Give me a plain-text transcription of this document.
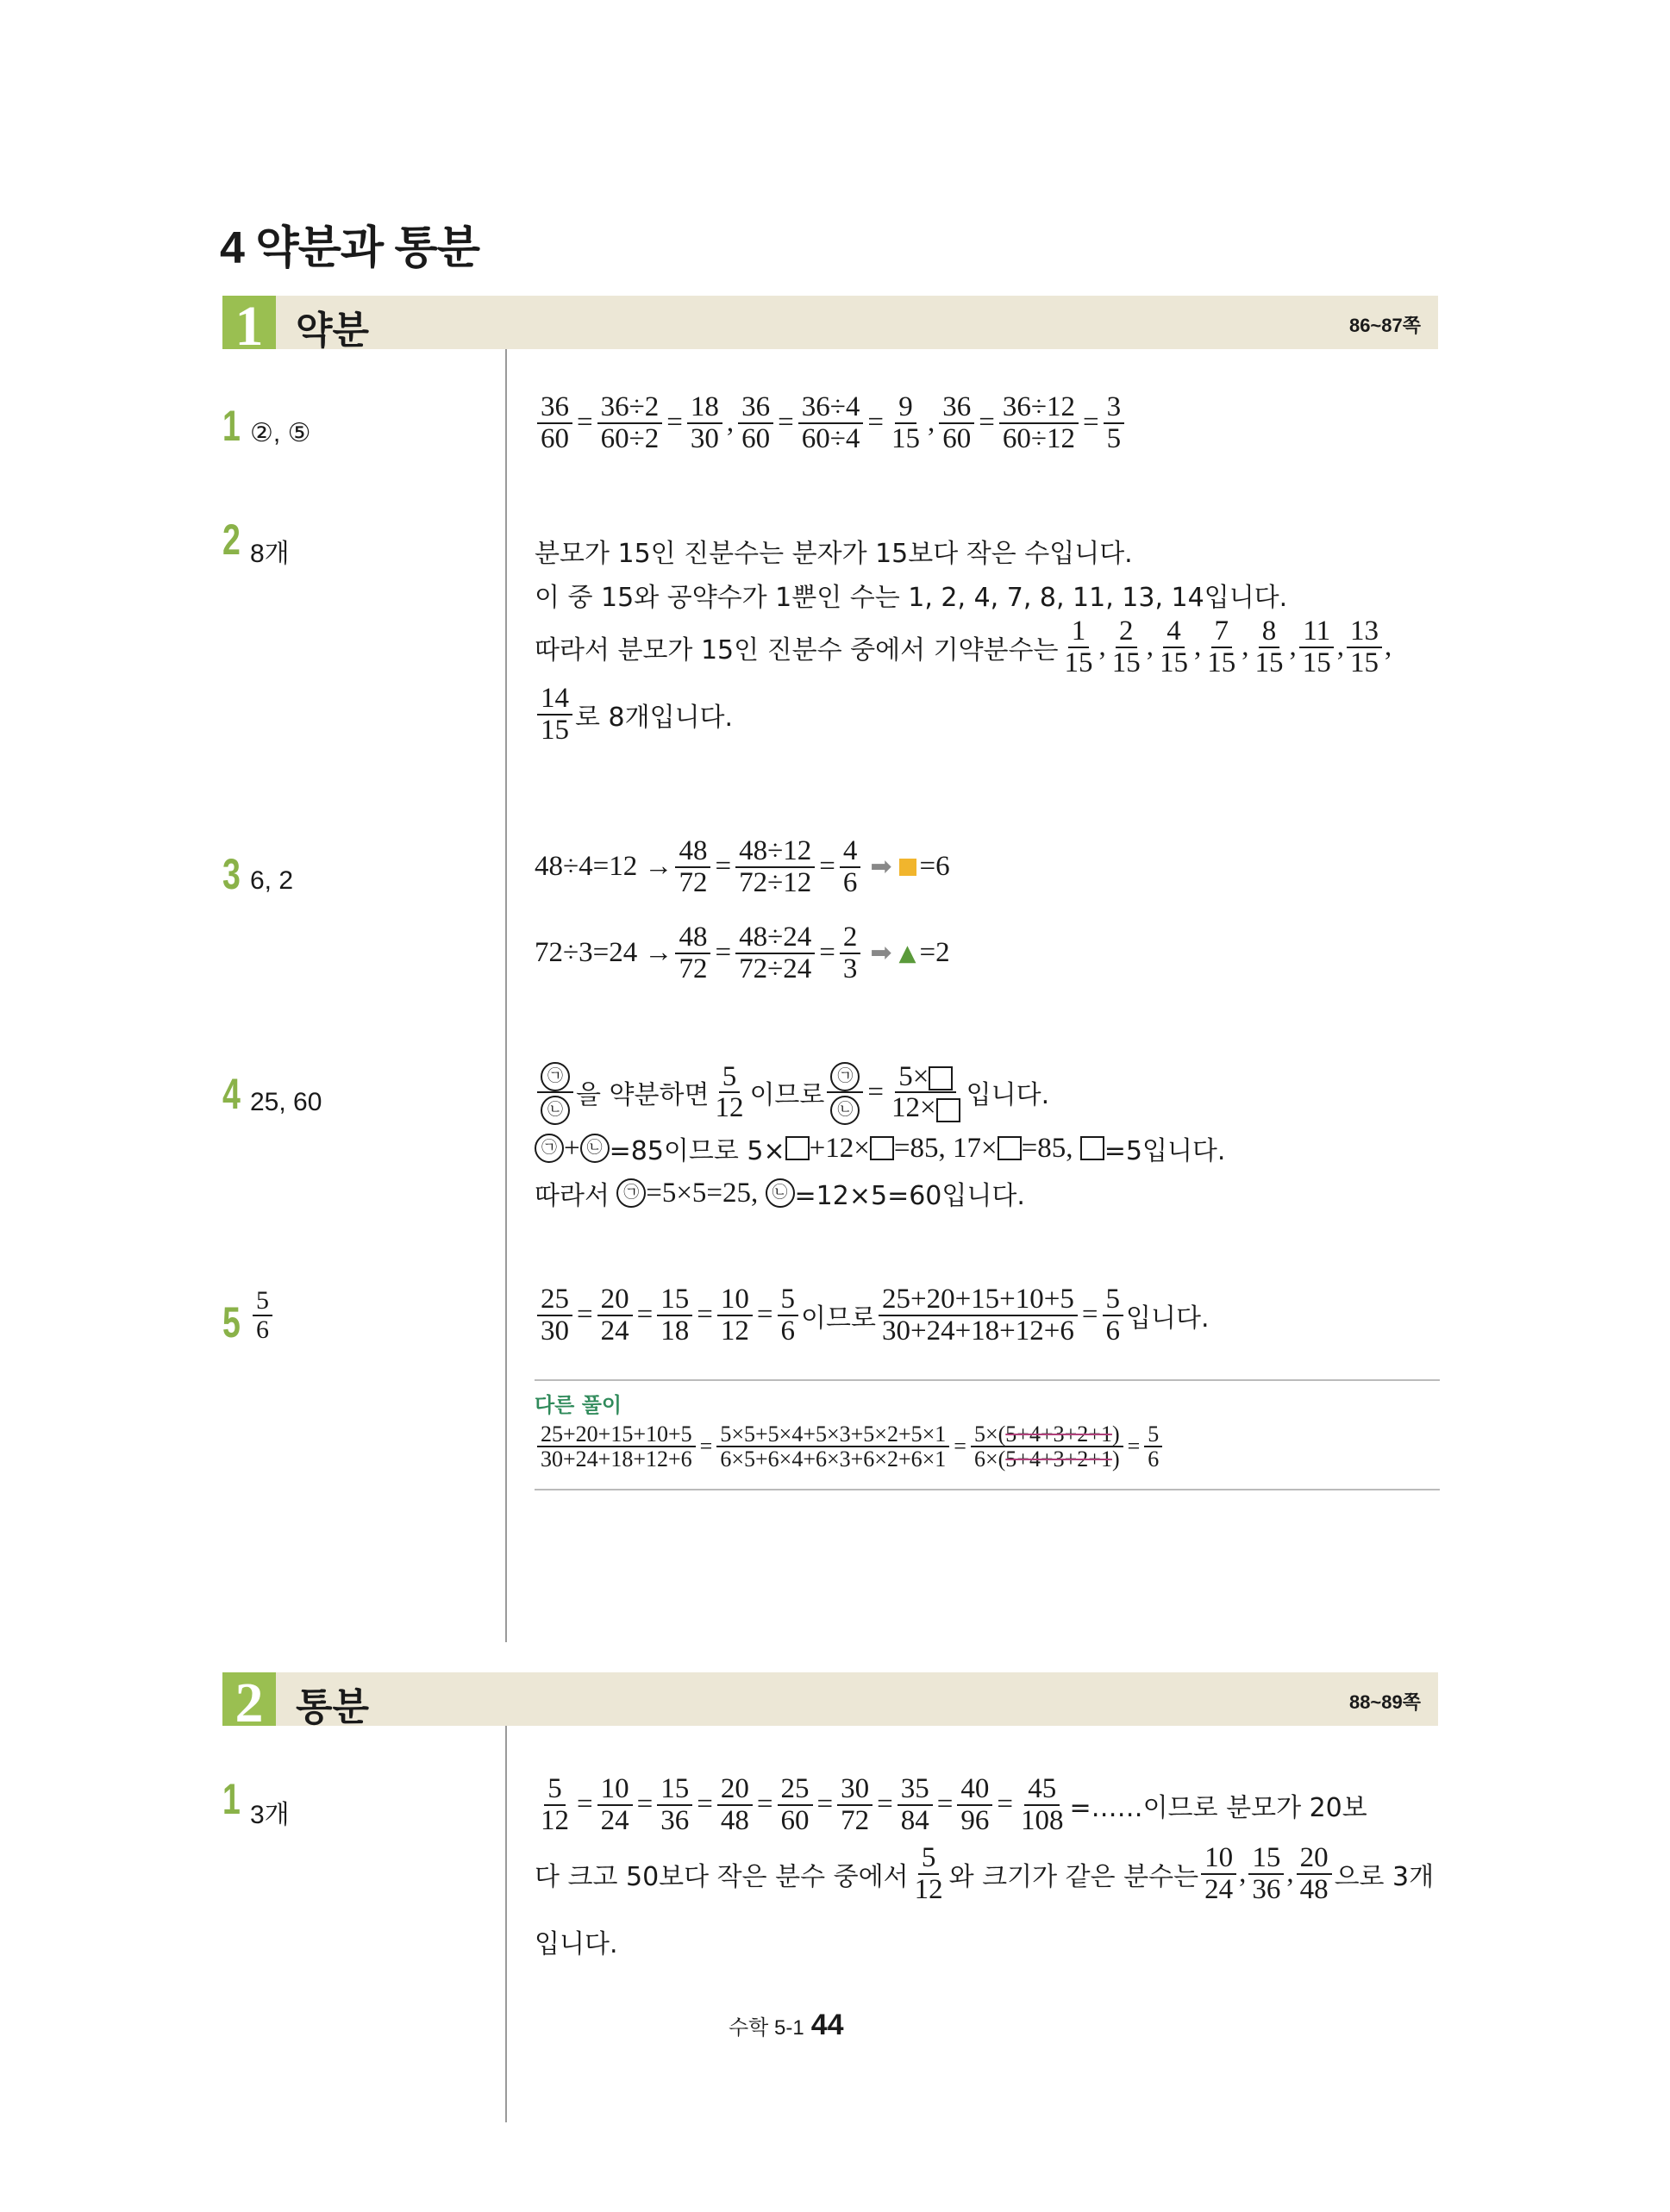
4 약분과 통분
1 약분	86~87쪽
1 ②, ⑤	$\frac{36}{60} = \frac{36\div 2}{60\div 2} = \frac{18}{30}$ , $\frac{36}{60} = \frac{36\div 4}{60\div 4} = \frac{9}{15}$ , $\frac{36}{60} = \frac{36\div 12}{60\div 12} = \frac{3}{5}$
2 8개	분모가 15인 진분수는 분자가 15보다 작은 수입니다.
이 중 15와 공약수가 1뿐인 수는 1, 2, 4, 7, 8, 11, 13, 14입니다.
따라서 분모가 15인 진분수 중에서 기약분수는 $\frac{1}{15}$ , $\frac{2}{15}$ , $\frac{4}{15}$ , $\frac{7}{15}$ , $\frac{8}{15}$ , $\frac{11}{15}$ , $\frac{13}{15}$ ,
$\frac{14}{15}$ 로 8개입니다.
3 6, 2	$48\div 4=12 \to \frac{48}{72} = \frac{48\div 12}{72\div 12} = \frac{4}{6}$ ➡ =6
$72\div 3=24 \to \frac{48}{72} = \frac{48\div 24}{72\div 24} = \frac{2}{3}$ ➡ ▲ =2
4 25, 60	$\frac{㉠}{㉡}$ 을 약분하면 $\frac{5}{12}$ 이므로 $\frac{㉠}{㉡} = \frac{5\times}{12\times}$ 입니다.
㉠ + ㉡ =85이므로 5× +12× =85, 17× =85,
=5입니다.
따라서
㉠ =5×5=25,
㉡ =12×5=60입니다.
$5 \frac{5}{6}$	$\frac{25}{30} = \frac{20}{24} = \frac{15}{18} = \frac{10}{12} = \frac{5}{6}$ 이므로 $\frac{25+20+15+10+5}{30+24+18+12+6} = \frac{5}{6}$ 입니다.
다른 풀이
$\frac{25+20+15+10+5}{30+24+18+12+6} = \frac{5\times 5+5\times 4+5\times 3+5\times 2+5\times 1}{6\times 5+6\times 4+6\times 3+6\times 2+6\times 1} = \frac{5\times(5+4+3+2+1)}{6\times(5+4+3+2+1)} = \frac{5}{6}$
2 통분	88~89쪽
1 3개	$\frac{5}{12} = \frac{10}{24} = \frac{15}{36} = \frac{20}{48} = \frac{25}{60} = \frac{30}{72} = \frac{35}{84} = \frac{40}{96} = \frac{45}{108}$ =……이므로 분모가 20보
다 크고 50보다 작은 분수 중에서 $\frac{5}{12}$ 와 크기가 같은 분수는 $\frac{10}{24}$ , $\frac{15}{36}$ , $\frac{20}{48}$ 으로 3개
입니다.
수학 5-1 44
